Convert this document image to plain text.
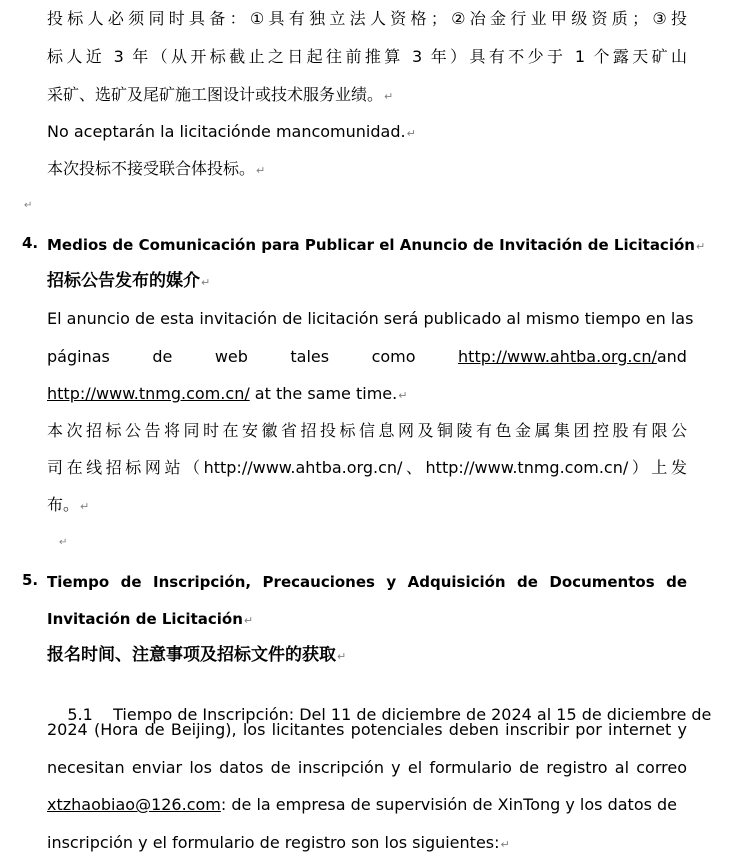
投标人必须同时具备：①具有独立法人资格；②冶金行业甲级资质；③投
标人近 3 年（从开标截止之日起往前推算 3 年）具有不少于 1 个露天矿山
采矿、选矿及尾矿施工图设计或技术服务业绩。↵
No aceptarán la licitaciónde mancomunidad.↵
本次投标不接受联合体投标。↵
↵
4. Medios de Comunicación para Publicar el Anuncio de Invitación de Licitación↵
招标公告发布的媒介↵
El anuncio de esta invitación de licitación será publicado al mismo tiempo en las
páginas	de	web	tales	como	http://www.ahtba.org.cn/and
http://www.tnmg.com.cn/ at the same time.↵
本次招标公告将同时在安徽省招投标信息网及铜陵有色金属集团控股有限公
司在线招标网站（http://www.ahtba.org.cn/、http://www.tnmg.com.cn/）上发
布。↵
↵
5. Tiempo de Inscripción, Precauciones y Adquisición de Documentos de
Invitación de Licitación↵
报名时间、注意事项及招标文件的获取↵

5.1    Tiempo de Inscripción: Del 11 de diciembre de 2024 al 15 de diciembre de

2024 (Hora de Beijing), los licitantes potenciales deben inscribir por internet y
necesitan enviar los datos de inscripción y el formulario de registro al correo
xtzhaobiao@126.com: de la empresa de supervisión de XinTong y los datos de
inscripción y el formulario de registro son los siguientes:↵
